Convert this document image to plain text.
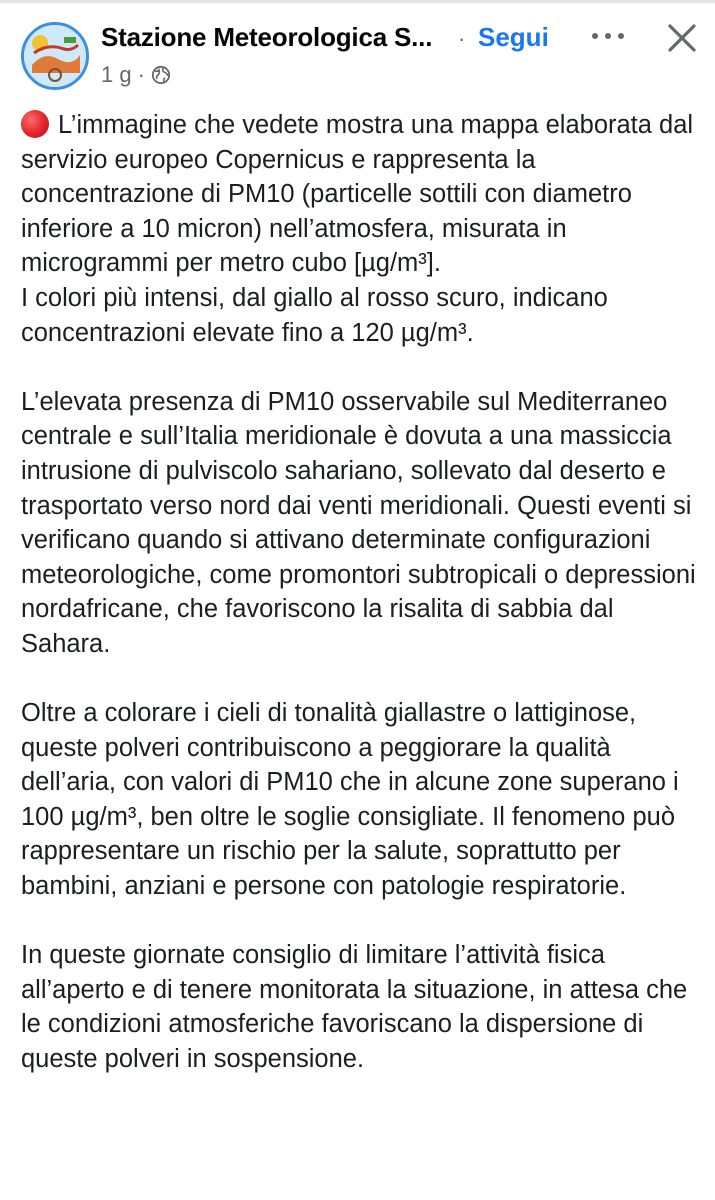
Stazione Meteorologica S... · Segui
1 g ·

L’immagine che vedete mostra una mappa elaborata dal servizio europeo Copernicus e rappresenta la concentrazione di PM10 (particelle sottili con diametro inferiore a 10 micron) nell’atmosfera, misurata in microgrammi per metro cubo [µg/m³].
I colori più intensi, dal giallo al rosso scuro, indicano concentrazioni elevate fino a 120 µg/m³.

L’elevata presenza di PM10 osservabile sul Mediterraneo centrale e sull’Italia meridionale è dovuta a una massiccia intrusione di pulviscolo sahariano, sollevato dal deserto e trasportato verso nord dai venti meridionali. Questi eventi si verificano quando si attivano determinate configurazioni meteorologiche, come promontori subtropicali o depressioni nordafricane, che favoriscono la risalita di sabbia dal Sahara.

Oltre a colorare i cieli di tonalità giallastre o lattiginose, queste polveri contribuiscono a peggiorare la qualità dell’aria, con valori di PM10 che in alcune zone superano i 100 µg/m³, ben oltre le soglie consigliate. Il fenomeno può rappresentare un rischio per la salute, soprattutto per bambini, anziani e persone con patologie respiratorie.

In queste giornate consiglio di limitare l’attività fisica all’aperto e di tenere monitorata la situazione, in attesa che le condizioni atmosferiche favoriscano la dispersione di queste polveri in sospensione.
